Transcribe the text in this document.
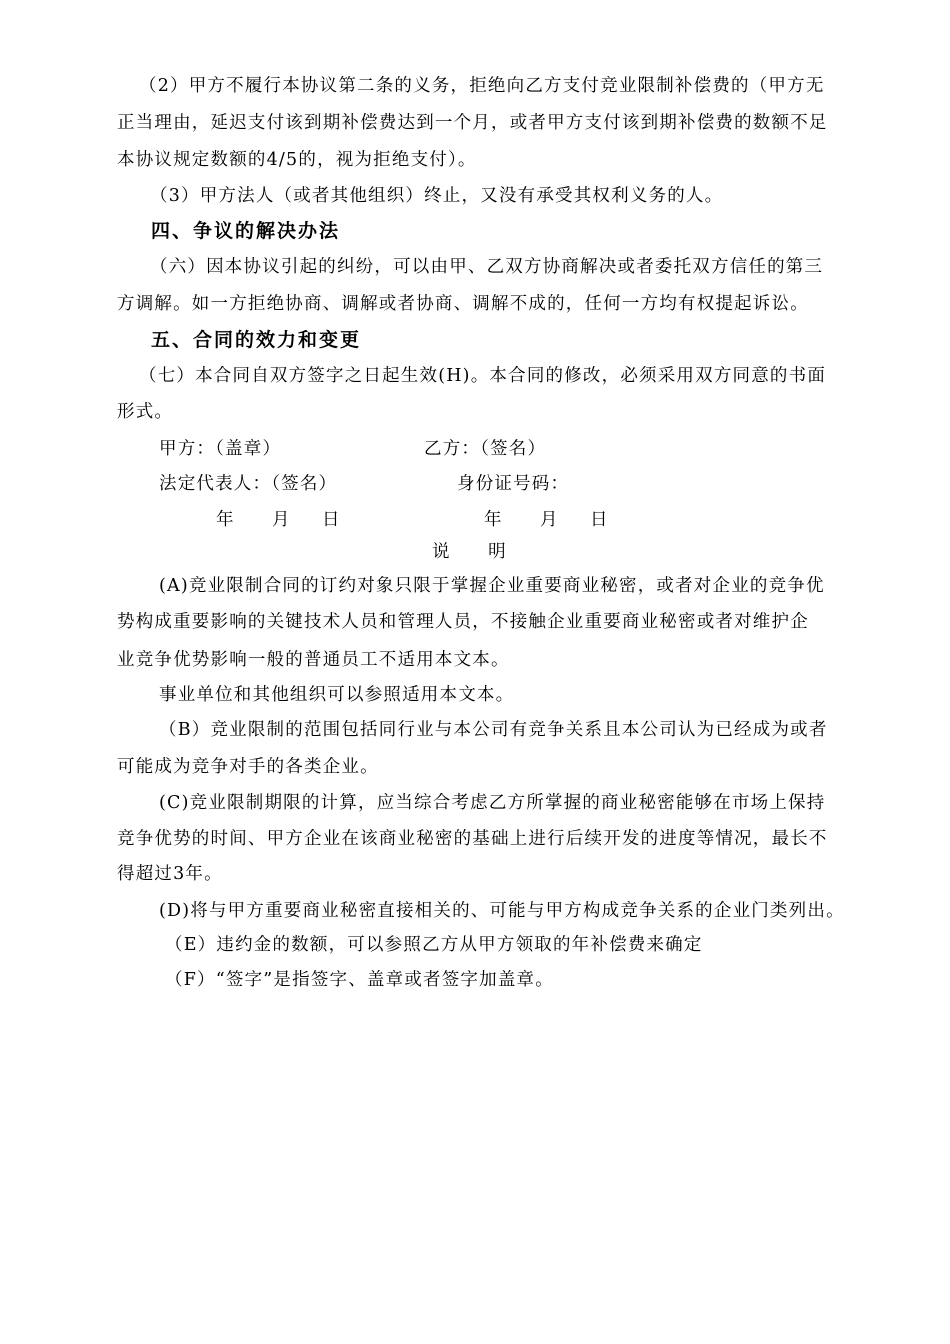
（2）甲方不履行本协议第二条的义务，拒绝向乙方支付竞业限制补偿费的（甲方无
正当理由，延迟支付该到期补偿费达到一个月，或者甲方支付该到期补偿费的数额不足
本协议规定数额的4/5的，视为拒绝支付）。
（3）甲方法人（或者其他组织）终止，又没有承受其权利义务的人。
四、争议的解决办法
（六）因本协议引起的纠纷，可以由甲、乙双方协商解决或者委托双方信任的第三
方调解。如一方拒绝协商、调解或者协商、调解不成的，任何一方均有权提起诉讼。
五、合同的效力和变更
（七）本合同自双方签字之日起生效(H)。本合同的修改，必须采用双方同意的书面
形式。
甲方：（盖章）	乙方：（签名）
法定代表人：（签名）	身份证号码：
年 月 日	年 月 日
说　　明
(A)竞业限制合同的订约对象只限于掌握企业重要商业秘密，或者对企业的竞争优
势构成重要影响的关键技术人员和管理人员，不接触企业重要商业秘密或者对维护企
业竞争优势影响一般的普通员工不适用本文本。
事业单位和其他组织可以参照适用本文本。
（B）竞业限制的范围包括同行业与本公司有竞争关系且本公司认为已经成为或者
可能成为竞争对手的各类企业。
(C)竞业限制期限的计算，应当综合考虑乙方所掌握的商业秘密能够在市场上保持
竞争优势的时间、甲方企业在该商业秘密的基础上进行后续开发的进度等情况，最长不
得超过3年。
(D)将与甲方重要商业秘密直接相关的、可能与甲方构成竞争关系的企业门类列出。
（E）违约金的数额，可以参照乙方从甲方领取的年补偿费来确定
（F）“签字”是指签字、盖章或者签字加盖章。
